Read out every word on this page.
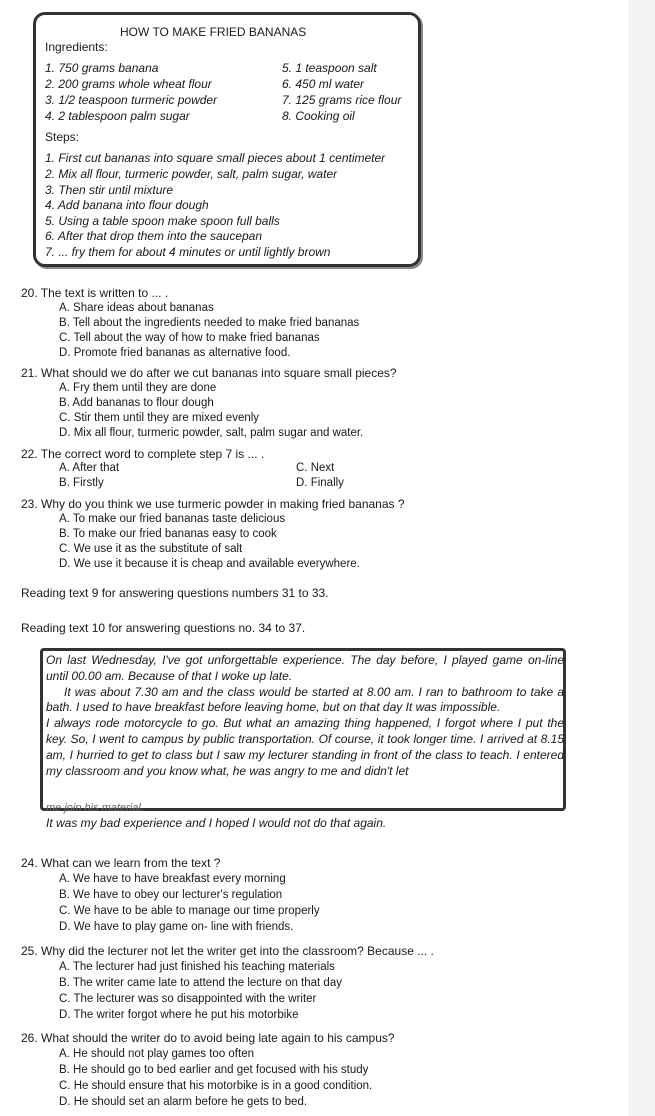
HOW TO MAKE FRIED BANANAS
Ingredients:
1. 750 grams banana
2. 200 grams whole wheat flour
3. 1/2 teaspoon turmeric powder
4. 2 tablespoon palm sugar
5. 1 teaspoon salt
6. 450 ml water
7. 125 grams rice flour
8. Cooking oil
Steps:
1. First cut bananas into square small pieces about 1 centimeter
2. Mix all flour, turmeric powder, salt, palm sugar, water
3. Then stir until mixture
4. Add banana into flour dough
5. Using a table spoon make spoon full balls
6. After that drop them into the saucepan
7. ... fry them for about 4 minutes or until lightly brown
20. The text is written to ... .
A. Share ideas about bananas
B. Tell about the ingredients needed to make fried bananas
C. Tell about the way of how to make fried bananas
D. Promote fried bananas as alternative food.
21. What should we do after we cut bananas into square small pieces?
A. Fry them until they are done
B. Add bananas to flour dough
C. Stir them until they are mixed evenly
D. Mix all flour, turmeric powder, salt, palm sugar and water.
22. The correct word to complete step 7 is ... .
A. After that	C. Next
B. Firstly	D. Finally
23. Why do you think we use turmeric powder in making fried bananas ?
A. To make our fried bananas taste delicious
B. To make our fried bananas easy to cook
C. We use it as the substitute of salt
D. We use it because it is cheap and available everywhere.
Reading text 9 for answering questions numbers 31 to 33.
Reading text 10 for answering questions no. 34 to 37.

On last Wednesday, I've got unforgettable experience. The day before, I played game on-line until 00.00 am. Because of that I woke up late.

It was about 7.30 am and the class would be started at 8.00 am. I ran to bathroom to take a bath. I used to have breakfast before leaving home, but on that day It was impossible.

I always rode motorcycle to go. But what an amazing thing happened, I forgot where I put the key. So, I went to campus by public transportation. Of course, it took longer time. I arrived at 8.15 am, I hurried to get to class but I saw my lecturer standing in front of the class to teach. I entered my classroom and you know what, he was angry to me and didn't let

me join his material.
It was my bad experience and I hoped I would not do that again.
24. What can we learn from the text ?
A. We have to have breakfast every morning
B. We have to obey our lecturer's regulation
C. We have to be able to manage our time properly
D. We have to play game on- line with friends.
25. Why did the lecturer not let the writer get into the classroom? Because ... .
A. The lecturer had just finished his teaching materials
B. The writer came late to attend the lecture on that day
C. The lecturer was so disappointed with the writer
D. The writer forgot where he put his motorbike
26. What should the writer do to avoid being late again to his campus?
A. He should not play games too often
B. He should go to bed earlier and get focused with his study
C. He should ensure that his motorbike is in a good condition.
D. He should set an alarm before he gets to bed.
